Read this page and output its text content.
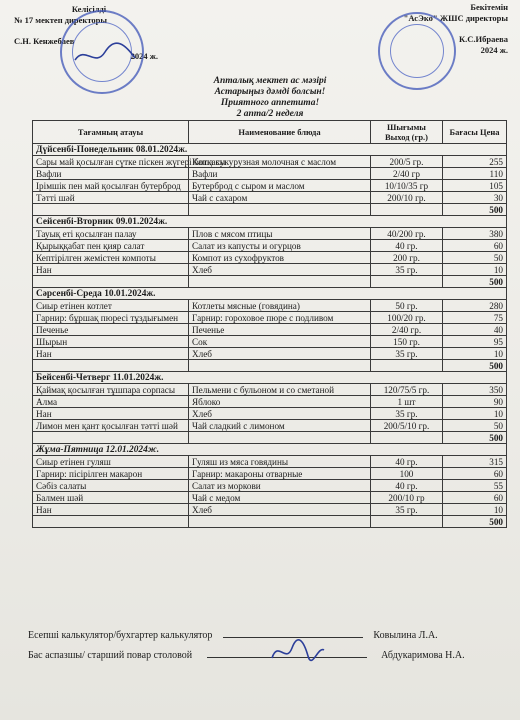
Келісілді
№ 17 мектеп директоры
С.Н. Кенжебаев
2024 ж.
Бекітемін
"АсЭко" ЖШС директоры
К.С.Ибраева
2024 ж.
Апталық мектеп ас мәзірі
Астарыңыз дәмді болсын!
Приятного аппетита!
2 апта/2 неделя
Тағамның атауы	Наименование блюда	Шығымы Выход (гр.)	Бағасы Цена
Дүйсенбі-Понедельник 08.01.2024ж.			
Сары май қосылған сүтке піскен жүгері ботқасы	Каша кукурузная молочная с маслом	200/5 гр.	255
Вафли	Вафли	2/40 гр	110
Ірімшік пен май қосылған бутерброд	Бутерброд с сыром и маслом	10/10/35 гр	105
Тәтті шәй	Чай с сахаром	200/10 гр.	30
			500
Сейсенбі-Вторник 09.01.2024ж.			
Тауық еті қосылған палау	Плов с мясом птицы	40/200 гр.	380
Қырыққабат пен қияр салат	Салат из капусты и огурцов	40 гр.	60
Кептірілген жемістен компоты	Компот из сухофруктов	200 гр.	50
Нан	Хлеб	35 гр.	10
			500
Сәрсенбі-Среда 10.01.2024ж.			
Сиыр етінен котлет	Котлеты мясные (говядина)	50 гр.	280
Гарнир: бұршақ пюресі тұздығымен	Гарнир: гороховое пюре с подливом	100/20 гр.	75
Печенье	Печенье	2/40 гр.	40
Шырын	Сок	150 гр.	95
Нан	Хлеб	35 гр.	10
			500
Бейсенбі-Четверг 11.01.2024ж.			
Қаймақ қосылған тұшпара сорпасы	Пельмени с бульоном и со сметаной	120/75/5 гр.	350
Алма	Яблоко	1 шт	90
Нан	Хлеб	35 гр.	10
Лимон мен қант қосылған тәтті шәй	Чай сладкий с лимоном	200/5/10 гр.	50
			500
Жұма-Пятница 12.01.2024ж.			
Сиыр етінен гуляш	Гуляш из мяса говядины	40 гр.	315
Гарнир: пісірілген макарон	Гарнир: макароны отварные	100	60
Сәбіз салаты	Салат из моркови	40 гр.	55
Балмен шәй	Чай с медом	200/10 гр	60
Нан	Хлеб	35 гр.	10
			500
Есепші калькулятор/бухгартер калькулятор	Ковылина Л.А.
Бас аспазшы/ старший повар столовой	Абдукаримова Н.А.
